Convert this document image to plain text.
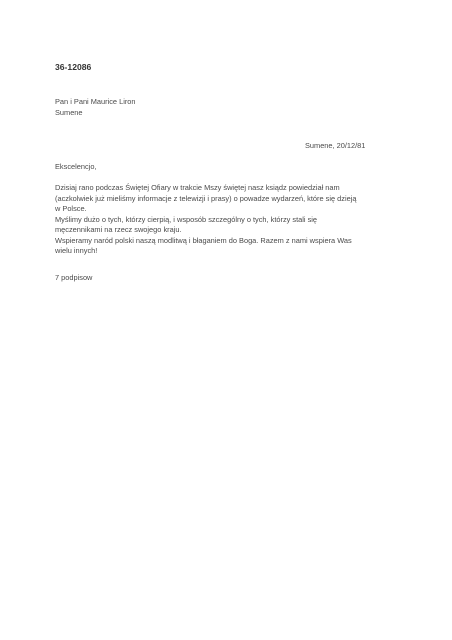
36-12086
Pan i Pani Maurice Liron
Sumene
Sumene, 20/12/81
Ekscelencjo,
Dzisiaj rano podczas Świętej Ofiary w trakcie Mszy świętej nasz ksiądz powiedział nam
(aczkolwiek już mieliśmy informacje z telewizji i prasy) o powadze wydarzeń, które się dzieją
w Polsce.
Myślimy dużo o tych, którzy cierpią, i wsposób szczególny o tych, którzy stali się
męczennikami na rzecz swojego kraju.
Wspieramy naród polski naszą modlitwą i błaganiem do Boga. Razem z nami wspiera Was
wielu innych!
7 podpisow
